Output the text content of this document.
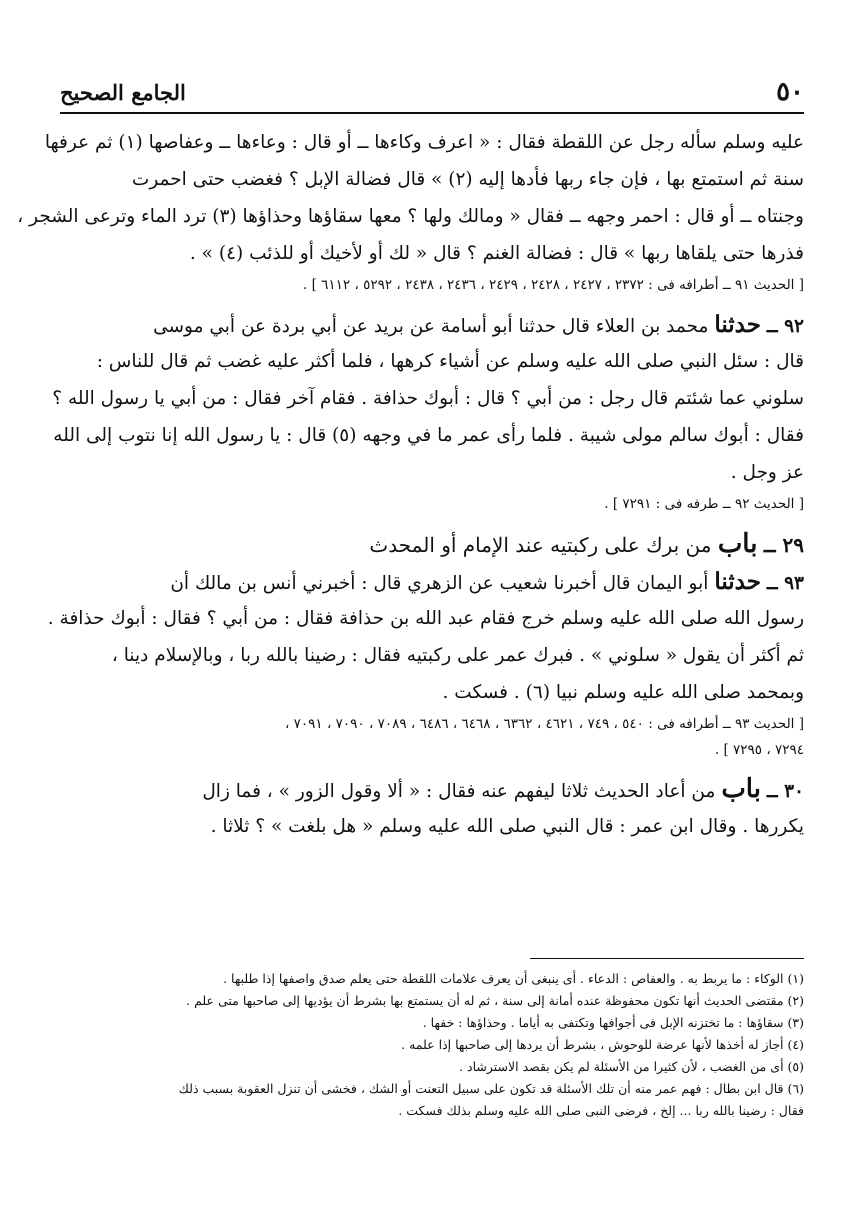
٥٠
الجامع الصحيح
عليه وسلم سأله رجل عن اللقطة فقال : « اعرف وكاءها ــ أو قال : وعاءها ــ وعفاصها (١) ثم عرفها
سنة ثم استمتع بها ، فإن جاء ربها فأدها إليه (٢) » قال فضالة الإبل ؟ فغضب حتى احمرت
وجنتاه ــ أو قال : احمر وجهه ــ فقال « ومالك ولها ؟ معها سقاؤها وحذاؤها (٣) ترد الماء وترعى الشجر ،
فذرها حتى يلقاها ربها » قال : فضالة الغنم ؟ قال « لك أو لأخيك أو للذئب (٤) » .
[ الحديث ٩١ ــ أطرافه فى : ٢٣٧٢ ، ٢٤٢٧ ، ٢٤٢٨ ، ٢٤٢٩ ، ٢٤٣٦ ، ٢٤٣٨ ، ٥٢٩٢ ، ٦١١٢ ] .
٩٢ ــ حدثنا محمد بن العلاء قال حدثنا أبو أسامة عن بريد عن أبي بردة عن أبي موسى
قال : سئل النبي صلى الله عليه وسلم عن أشياء كرهها ، فلما أكثر عليه غضب ثم قال للناس :
سلوني عما شئتم قال رجل : من أبي ؟ قال : أبوك حذافة . فقام آخر فقال : من أبي يا رسول الله ؟
فقال : أبوك سالم مولى شيبة . فلما رأى عمر ما في وجهه (٥) قال : يا رسول الله إنا نتوب إلى الله
عز وجل .
[ الحديث ٩٢ ــ طرفه فى : ٧٢٩١ ] .
٢٩ ــ باب من برك على ركبتيه عند الإمام أو المحدث
٩٣ ــ حدثنا أبو اليمان قال أخبرنا شعيب عن الزهري قال : أخبرني أنس بن مالك أن
رسول الله صلى الله عليه وسلم خرج فقام عبد الله بن حذافة فقال : من أبي ؟ فقال : أبوك حذافة .
ثم أكثر أن يقول « سلوني » . فبرك عمر على ركبتيه فقال : رضينا بالله ربا ، وبالإسلام دينا ،
وبمحمد صلى الله عليه وسلم نبيا (٦) . فسكت .
[ الحديث ٩٣ ــ أطرافه فى : ٥٤٠ ، ٧٤٩ ، ٤٦٢١ ، ٦٣٦٢ ، ٦٤٦٨ ، ٦٤٨٦ ، ٧٠٨٩ ، ٧٠٩٠ ، ٧٠٩١ ،
٧٢٩٤ ، ٧٢٩٥ ] .
٣٠ ــ باب من أعاد الحديث ثلاثا ليفهم عنه فقال : « ألا وقول الزور » ، فما زال
يكررها . وقال ابن عمر : قال النبي صلى الله عليه وسلم « هل بلغت » ؟ ثلاثا .
(١) الوكاء : ما يربط به . والعفاص : الدعاء . أى ينبغى أن يعرف علامات اللقطة حتى يعلم صدق واصفها إذا طلبها .
(٢) مقتضى الحديث أنها تكون محفوظة عنده أمانة إلى سنة ، ثم له أن يستمتع بها بشرط أن يؤديها إلى صاحبها متى علم .
(٣) سقاؤها : ما تختزنه الإبل فى أجوافها وتكتفى به أياما . وحذاؤها : خفها .
(٤) أجاز له أخذها لأنها عرضة للوحوش ، بشرط أن يردها إلى صاحبها إذا علمه .
(٥) أى من الغضب ، لأن كثيرا من الأسئلة لم يكن بقصد الاسترشاد .
(٦) قال ابن بطال : فهم عمر منه أن تلك الأسئلة قد تكون على سبيل التعنت أو الشك ، فخشى أن تنزل العقوبة بسبب ذلك
فقال : رضينا بالله ربا ... إلخ ، فرضى النبى صلى الله عليه وسلم بذلك فسكت .
